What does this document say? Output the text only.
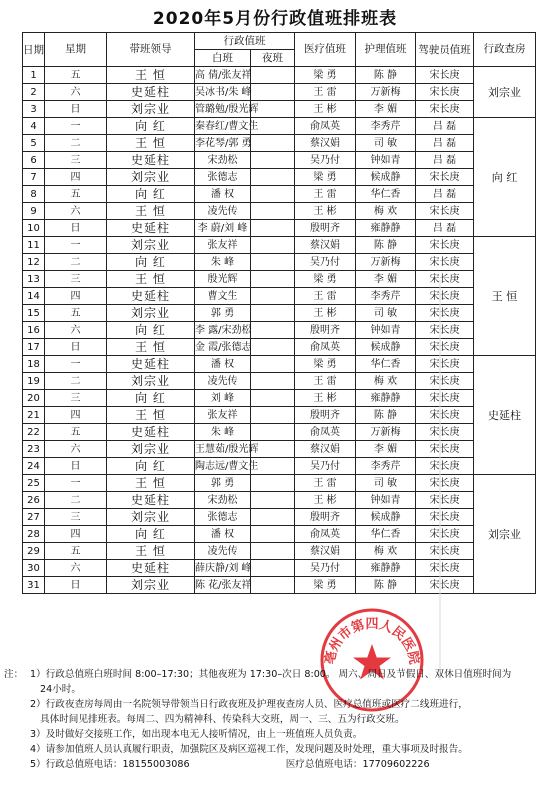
2020年5月份行政值班排班表
日期	星期	带班领导	行政值班		医疗值班	护理值班	驾驶员值班	行政查房
			白班	夜班				
1	五	王 恒	高 倩/张友祥		梁 勇	陈 静	宋长庚	刘宗业
2	六	史延柱	吴冰书/朱 峰		王 雷	万新梅	宋长庚	
3	日	刘宗业	管璐勉/殷光辉		王 彬	李 媚	宋长庚	
4	一	向 红	秦春红/曹文生		俞凤英	李秀芹	吕 磊	向 红
5	二	王 恒	李花琴/郭 勇		蔡汉娟	司 敏	吕 磊	
6	三	史延柱	宋劲松		吴乃付	钟如青	吕 磊	
7	四	刘宗业	张德志		梁 勇	候成静	宋长庚	
8	五	向 红	潘 权		王 雷	华仁香	吕 磊	
9	六	王 恒	凌先传		王 彬	梅 欢	宋长庚	
10	日	史延柱	李 蔚/刘 峰		殷明齐	雍静静	吕 磊	
11	一	刘宗业	张友祥		蔡汉娟	陈 静	宋长庚	王 恒
12	二	向 红	朱 峰		吴乃付	万新梅	宋长庚	
13	三	王 恒	殷光辉		梁 勇	李 媚	宋长庚	
14	四	史延柱	曹文生		王 雷	李秀芹	宋长庚	
15	五	刘宗业	郭 勇		王 彬	司 敏	宋长庚	
16	六	向 红	李 露/宋劲松		殷明齐	钟如青	宋长庚	
17	日	王 恒	金 霞/张德志		俞凤英	候成静	宋长庚	
18	一	史延柱	潘 权		梁 勇	华仁香	宋长庚	史延柱
19	二	刘宗业	凌先传		王 雷	梅 欢	宋长庚	
20	三	向 红	刘 峰		王 彬	雍静静	宋长庚	
21	四	王 恒	张友祥		殷明齐	陈 静	宋长庚	
22	五	史延柱	朱 峰		俞凤英	万新梅	宋长庚	
23	六	刘宗业	王慧茹/殷光辉		蔡汉娟	李 媚	宋长庚	
24	日	向 红	陶志远/曹文生		吴乃付	李秀芹	宋长庚	
25	一	王 恒	郭 勇		王 雷	司 敏	宋长庚	刘宗业
26	二	史延柱	宋劲松		王 彬	钟如青	宋长庚	
27	三	刘宗业	张德志		殷明齐	候成静	宋长庚	
28	四	向 红	潘 权		俞凤英	华仁香	宋长庚	
29	五	王 恒	凌先传		蔡汉娟	梅 欢	宋长庚	
30	六	史延柱	薛庆静/刘 峰		吴乃付	雍静静	宋长庚	
31	日	刘宗业	陈 花/张友祥		梁 勇	陈 静	宋长庚	
亳州市第四人民医院
注： 1）行政总值班白班时间 8:00–17:30；其他夜班为 17:30–次日 8:00。 周六、周日及节假日、双休日值班时间为
24小时。
2）行政夜查房每周由一名院领导带领当日行政夜班及护理夜查房人员、医疗总值班或医疗二线班进行，
具体时间见排班表。每周二、四为精神科、传染科大交班，周一、三、五为行政交班。
3）及时做好交接班工作，如出现本电无人接听情况，由上一班值班人员负责。
4）请参加值班人员认真履行职责，加强院区及病区巡视工作，发现问题及时处理，重大事项及时报告。
5）行政总值班电话：18155003086	医疗总值班电话：17709602226
